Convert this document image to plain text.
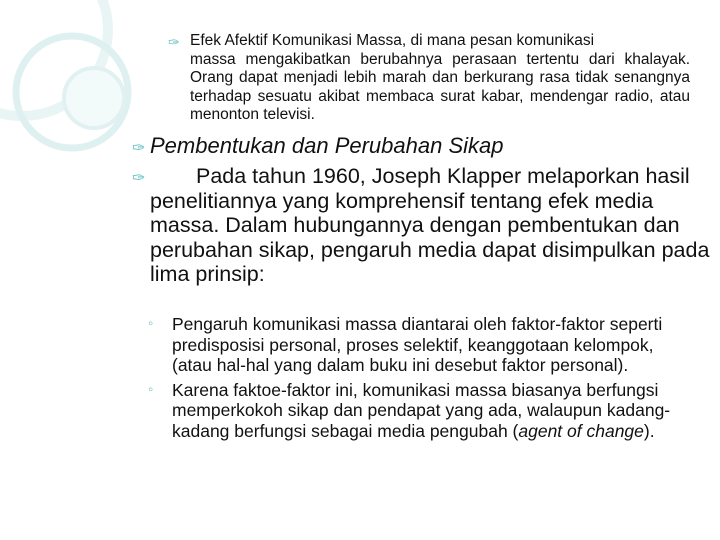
✑ Efek Afektif Komunikasi Massa, di mana pesan komunikasi
massa mengakibatkan berubahnya perasaan tertentu dari khalayak. Orang dapat menjadi lebih marah dan berkurang rasa tidak senangnya terhadap sesuatu akibat membaca surat kabar, mendengar radio, atau menonton televisi.
✑ Pembentukan dan Perubahan Sikap
✑	Pada tahun 1960, Joseph Klapper melaporkan hasil penelitiannya yang komprehensif tentang efek media massa. Dalam hubungannya dengan pembentukan dan perubahan sikap, pengaruh media dapat disimpulkan pada lima prinsip:
◦ Pengaruh komunikasi massa diantarai oleh faktor-faktor seperti predisposisi personal, proses selektif, keanggotaan kelompok, (atau hal-hal yang dalam buku ini desebut faktor personal).
◦ Karena faktoe-faktor ini, komunikasi massa biasanya berfungsi memperkokoh sikap dan pendapat yang ada, walaupun kadang-kadang berfungsi sebagai media pengubah (agent of change).
